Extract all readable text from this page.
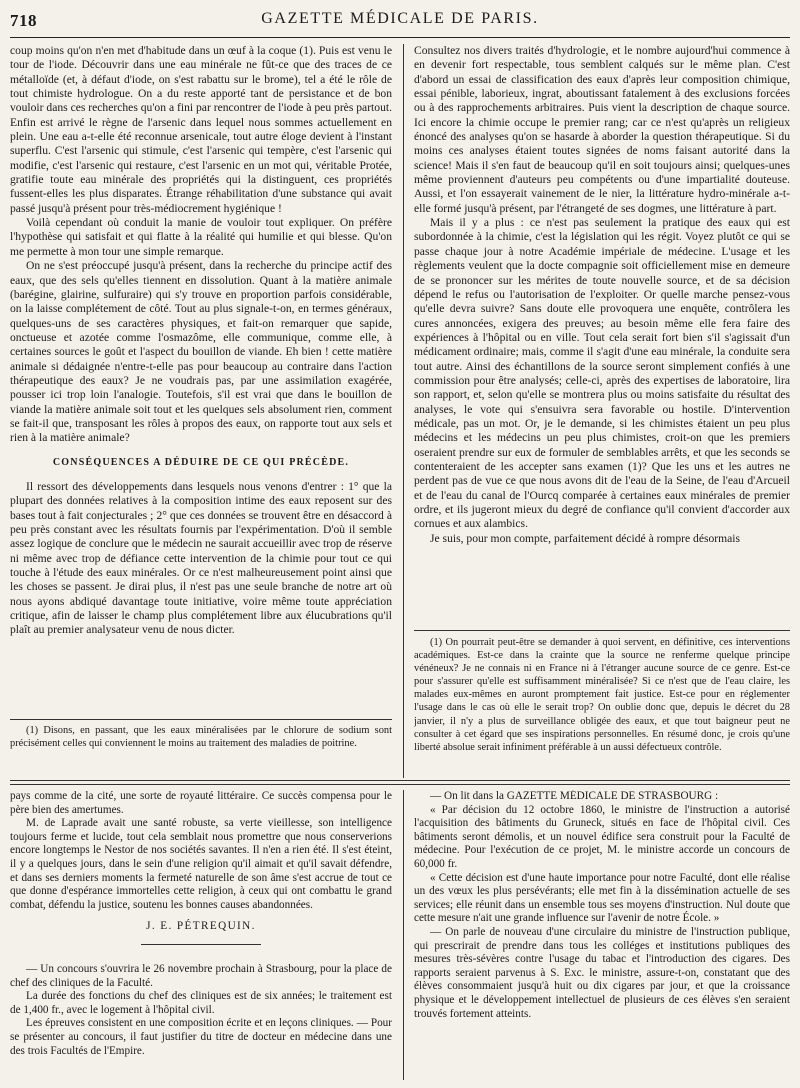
718	GAZETTE MÉDICALE DE PARIS.

coup moins qu'on n'en met d'habitude dans un œuf à la coque (1). Puis est venu le tour de l'iode. Découvrir dans une eau minérale ne fût-ce que des traces de ce métalloïde (et, à défaut d'iode, on s'est rabattu sur le brome), tel a été le rôle de tout chimiste hydrologue. On a du reste apporté tant de persistance et de bon vouloir dans ces recherches qu'on a fini par rencontrer de l'iode à peu près partout. Enfin est arrivé le règne de l'arsenic dans lequel nous sommes actuellement en plein. Une eau a-t-elle été reconnue arsenicale, tout autre éloge devient à l'instant superflu. C'est l'arsenic qui stimule, c'est l'arsenic qui tempère, c'est l'arsenic qui modifie, c'est l'arsenic qui restaure, c'est l'arsenic en un mot qui, véritable Protée, gratifie toute eau minérale des propriétés qui la distinguent, ces propriétés fussent-elles les plus disparates. Étrange réhabilitation d'une substance qui avait passé jusqu'à présent pour très-médiocrement hygiénique !

Voilà cependant où conduit la manie de vouloir tout expliquer. On préfère l'hypothèse qui satisfait et qui flatte à la réalité qui humilie et qui blesse. Qu'on me permette à mon tour une simple remarque.

On ne s'est préoccupé jusqu'à présent, dans la recherche du principe actif des eaux, que des sels qu'elles tiennent en dissolution. Quant à la matière animale (barégine, glairine, sulfuraire) qui s'y trouve en proportion parfois considérable, on la laisse complétement de côté. Tout au plus signale-t-on, en termes généraux, quelques-uns de ses caractères physiques, et fait-on remarquer que sapide, onctueuse et azotée comme l'osmazôme, elle communique, comme elle, à certaines sources le goût et l'aspect du bouillon de viande. Eh bien ! cette matière animale si dédaignée n'entre-t-elle pas pour beaucoup au contraire dans l'action thérapeutique des eaux? Je ne voudrais pas, par une assimilation exagérée, pousser ici trop loin l'analogie. Toutefois, s'il est vrai que dans le bouillon de viande la matière animale soit tout et les quelques sels absolument rien, comment se fait-il que, transposant les rôles à propos des eaux, on rapporte tout aux sels et rien à la matière animale?

CONSÉQUENCES A DÉDUIRE DE CE QUI PRÉCÈDE.

Il ressort des développements dans lesquels nous venons d'entrer : 1° que la plupart des données relatives à la composition intime des eaux reposent sur des bases tout à fait conjecturales ; 2° que ces données se trouvent être en désaccord à peu près constant avec les résultats fournis par l'expérimentation. D'où il semble assez logique de conclure que le médecin ne saurait accueillir avec trop de réserve ni même avec trop de défiance cette intervention de la chimie pour tout ce qui touche à l'étude des eaux minérales. Or ce n'est malheureusement point ainsi que les choses se passent. Je dirai plus, il n'est pas une seule branche de notre art où nous ayons abdiqué davantage toute initiative, voire même toute appréciation critique, afin de laisser le champ plus complétement libre aux élucubrations qu'il plaît au premier analysateur venu de nous dicter.

(1) Disons, en passant, que les eaux minéralisées par le chlorure de sodium sont précisément celles qui conviennent le moins au traitement des maladies de poitrine.

Consultez nos divers traités d'hydrologie, et le nombre aujourd'hui commence à en devenir fort respectable, tous semblent calqués sur le même plan. C'est d'abord un essai de classification des eaux d'après leur composition chimique, essai pénible, laborieux, ingrat, aboutissant fatalement à des exclusions forcées ou à des rapprochements arbitraires. Puis vient la description de chaque source. Ici encore la chimie occupe le premier rang; car ce n'est qu'après un religieux énoncé des analyses qu'on se hasarde à aborder la question thérapeutique. Si du moins ces analyses étaient toutes signées de noms faisant autorité dans la science! Mais il s'en faut de beaucoup qu'il en soit toujours ainsi; quelques-unes même proviennent d'auteurs peu compétents ou d'une impartialité douteuse. Aussi, et l'on essayerait vainement de le nier, la littérature hydro-minérale a-t-elle formé jusqu'à présent, par l'étrangeté de ses dogmes, une littérature à part.

Mais il y a plus : ce n'est pas seulement la pratique des eaux qui est subordonnée à la chimie, c'est la législation qui les régit. Voyez plutôt ce qui se passe chaque jour à notre Académie impériale de médecine. L'usage et les règlements veulent que la docte compagnie soit officiellement mise en demeure de se prononcer sur les mérites de toute nouvelle source, et de sa décision dépend le refus ou l'autorisation de l'exploiter. Or quelle marche pensez-vous qu'elle devra suivre? Sans doute elle provoquera une enquête, contrôlera les cures annoncées, exigera des preuves; au besoin même elle fera faire des expériences à l'hôpital ou en ville. Tout cela serait fort bien s'il s'agissait d'un médicament ordinaire; mais, comme il s'agit d'une eau minérale, la conduite sera tout autre. Ainsi des échantillons de la source seront simplement confiés à une commission pour être analysés; celle-ci, après des expertises de laboratoire, lira son rapport, et, selon qu'elle se montrera plus ou moins satisfaite du résultat des analyses, le vote qui s'ensuivra sera favorable ou hostile. D'intervention médicale, pas un mot. Or, je le demande, si les chimistes étaient un peu plus médecins et les médecins un peu plus chimistes, croit-on que les premiers oseraient prendre sur eux de formuler de semblables arrêts, et que les seconds se contenteraient de les accepter sans examen (1)? Que les uns et les autres ne perdent pas de vue ce que nous avons dit de l'eau de la Seine, de l'eau d'Arcueil et de l'eau du canal de l'Ourcq comparée à certaines eaux minérales de premier ordre, et ils jugeront mieux du degré de confiance qu'il convient d'accorder aux cornues et aux alambics.

Je suis, pour mon compte, parfaitement décidé à rompre désormais

(1) On pourrait peut-être se demander à quoi servent, en définitive, ces interventions académiques. Est-ce dans la crainte que la source ne renferme quelque principe vénéneux? Je ne connais ni en France ni à l'étranger aucune source de ce genre. Est-ce pour s'assurer qu'elle est suffisamment minéralisée? Si ce n'est que de l'eau claire, les malades eux-mêmes en auront promptement fait justice. Est-ce pour en réglementer l'usage dans le cas où elle le serait trop? On oublie donc que, depuis le décret du 28 janvier, il n'y a plus de surveillance obligée des eaux, et que tout baigneur peut ne consulter à cet égard que ses inspirations personnelles. En résumé donc, je crois qu'une liberté absolue serait infiniment préférable à un aussi défectueux contrôle.

pays comme de la cité, une sorte de royauté littéraire. Ce succès compensa pour le père bien des amertumes.

M. de Laprade avait une santé robuste, sa verte vieillesse, son intelligence toujours ferme et lucide, tout cela semblait nous promettre que nous conserverions encore longtemps le Nestor de nos sociétés savantes. Il n'en a rien été. Il s'est éteint, il y a quelques jours, dans le sein d'une religion qu'il aimait et qu'il savait défendre, et dans ses derniers moments la fermeté naturelle de son âme s'est accrue de tout ce que donne d'espérance immortelles cette religion, à ceux qui ont combattu le grand combat, défendu la justice, soutenu les bonnes causes abandonnées.

J. E. PÉTREQUIN.

— Un concours s'ouvrira le 26 novembre prochain à Strasbourg, pour la place de chef des cliniques de la Faculté.

La durée des fonctions du chef des cliniques est de six années; le traitement est de 1,400 fr., avec le logement à l'hôpital civil.

Les épreuves consistent en une composition écrite et en leçons cliniques. — Pour se présenter au concours, il faut justifier du titre de docteur en médecine dans une des trois Facultés de l'Empire.

— On lit dans la GAZETTE MÉDICALE DE STRASBOURG :

« Par décision du 12 octobre 1860, le ministre de l'instruction a autorisé l'acquisition des bâtiments du Gruneck, situés en face de l'hôpital civil. Ces bâtiments seront démolis, et un nouvel édifice sera construit pour la Faculté de médecine. Pour l'exécution de ce projet, M. le ministre accorde un concours de 60,000 fr.

« Cette décision est d'une haute importance pour notre Faculté, dont elle réalise un des vœux les plus persévérants; elle met fin à la dissémination actuelle de ses services; elle réunit dans un ensemble tous ses moyens d'instruction. Nul doute que cette mesure n'ait une grande influence sur l'avenir de notre École. »

— On parle de nouveau d'une circulaire du ministre de l'instruction publique, qui prescrirait de prendre dans tous les colléges et institutions publiques des mesures très-sévères contre l'usage du tabac et l'introduction des cigares. Des rapports seraient parvenus à S. Exc. le ministre, assure-t-on, constatant que des élèves consommaient jusqu'à huit ou dix cigares par jour, et que la croissance physique et le développement intellectuel de plusieurs de ces élèves s'en seraient trouvés fortement atteints.
